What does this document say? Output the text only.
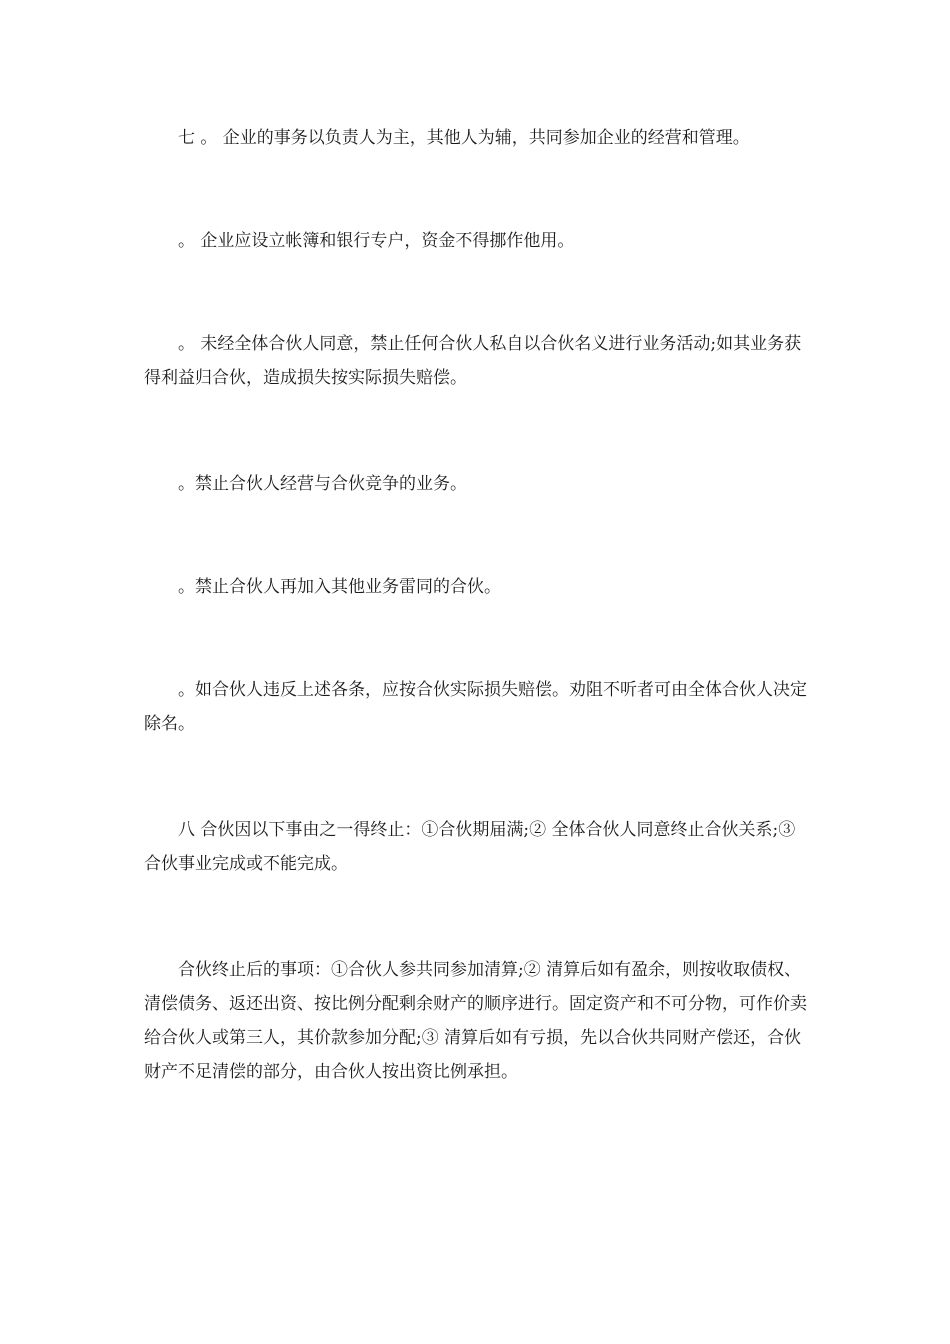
　　七 。 企业的事务以负责人为主，其他人为辅，共同参加企业的经营和管理。

　　。 企业应设立帐簿和银行专户，资金不得挪作他用。

　　。 未经全体合伙人同意，禁止任何合伙人私自以合伙名义进行业务活动;如其业务获得利益归合伙，造成损失按实际损失赔偿。

　　。禁止合伙人经营与合伙竞争的业务。

　　。禁止合伙人再加入其他业务雷同的合伙。

　　。如合伙人违反上述各条，应按合伙实际损失赔偿。劝阻不听者可由全体合伙人决定除名。

　　八 合伙因以下事由之一得终止：①合伙期届满;② 全体合伙人同意终止合伙关系;③ 合伙事业完成或不能完成。

　　合伙终止后的事项：①合伙人参共同参加清算;② 清算后如有盈余，则按收取债权、清偿债务、返还出资、按比例分配剩余财产的顺序进行。固定资产和不可分物，可作价卖给合伙人或第三人，其价款参加分配;③ 清算后如有亏损，先以合伙共同财产偿还，合伙财产不足清偿的部分，由合伙人按出资比例承担。
